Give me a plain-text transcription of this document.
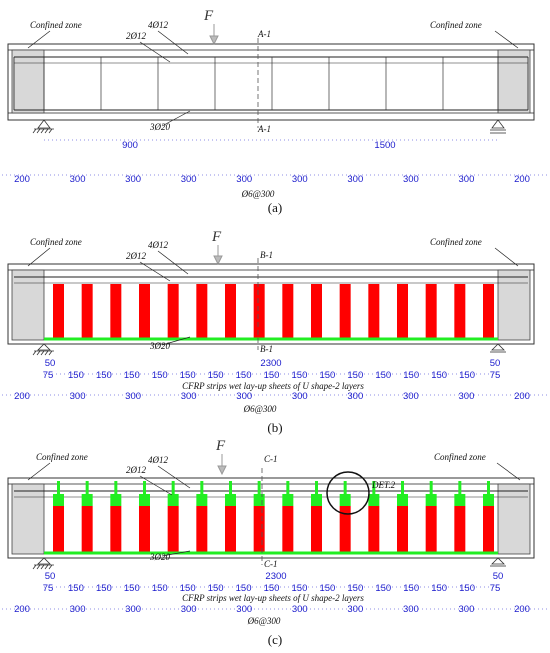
A-1
A-1
F
Confined zone	Confined zone
4Ø12
2Ø12
3Ø20
900	1500
200	300	300	300	300	300	300	300	300	200
Ø6@300
(a)
B-1
B-1
F
Confined zone	Confined zone
4Ø12
2Ø12
3Ø20
50	2300	50
75 150 150 150 150 150 150 150 150 150 150 150 150 150 150 150 75
CFRP strips wet lay-up sheets of U shape-2 layers
200	300	300	300	300	300	300	300	300	200
Ø6@300
(b)
C-1
C-1
F
Confined zone	Confined zone
4Ø12
2Ø12
3Ø20
DET.2
50	2300	50
75 150 150 150 150 150 150 150 150 150 150 150 150 150 150 150 75
CFRP strips wet lay-up sheets of U shape-2 layers
200	300	300	300	300	300	300	300	300	200
Ø6@300
(c)
